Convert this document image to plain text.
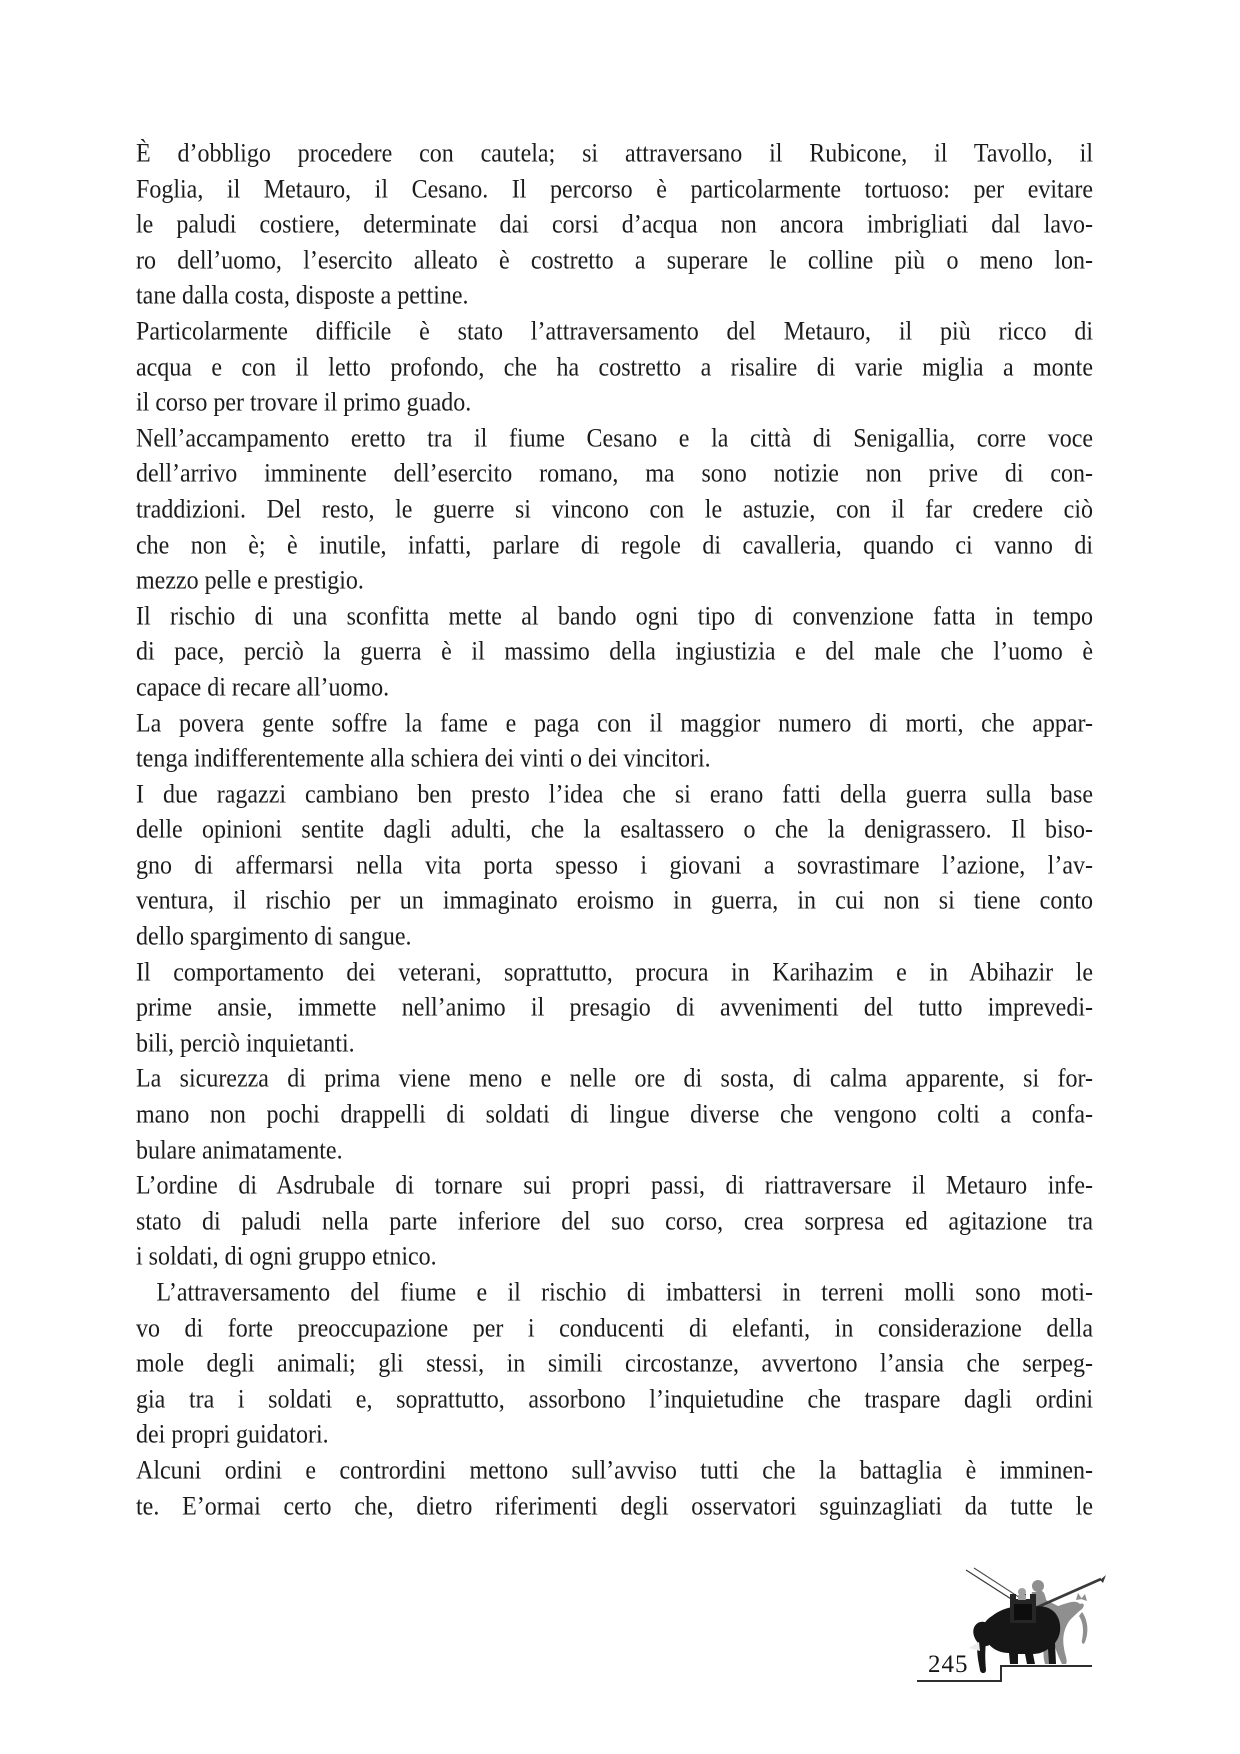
È d’obbligo procedere con cautela; si attraversano il Rubicone, il Tavollo, il
Foglia, il Metauro, il Cesano. Il percorso è particolarmente tortuoso: per evitare
le paludi costiere, determinate dai corsi d’acqua non ancora imbrigliati dal lavo-
ro dell’uomo, l’esercito alleato è costretto a superare le colline più o meno lon-
tane dalla costa, disposte a pettine.
Particolarmente difficile è stato l’attraversamento del Metauro, il più ricco di
acqua e con il letto profondo, che ha costretto a risalire di varie miglia a monte
il corso per trovare il primo guado.
Nell’accampamento eretto tra il fiume Cesano e la città di Senigallia, corre voce
dell’arrivo imminente dell’esercito romano, ma sono notizie non prive di con-
traddizioni. Del resto, le guerre si vincono con le astuzie, con il far credere ciò
che non è; è inutile, infatti, parlare di regole di cavalleria, quando ci vanno di
mezzo pelle e prestigio.
Il rischio di una sconfitta mette al bando ogni tipo di convenzione fatta in tempo
di pace, perciò la guerra è il massimo della ingiustizia e del male che l’uomo è
capace di recare all’uomo.
La povera gente soffre la fame e paga con il maggior numero di morti, che appar-
tenga indifferentemente alla schiera dei vinti o dei vincitori.
I due ragazzi cambiano ben presto l’idea che si erano fatti della guerra sulla base
delle opinioni sentite dagli adulti, che la esaltassero o che la denigrassero. Il biso-
gno di affermarsi nella vita porta spesso i giovani a sovrastimare l’azione, l’av-
ventura, il rischio per un immaginato eroismo in guerra, in cui non si tiene conto
dello spargimento di sangue.
Il comportamento dei veterani, soprattutto, procura in Karihazim e in Abihazir le
prime ansie, immette nell’animo il presagio di avvenimenti del tutto imprevedi-
bili, perciò inquietanti.
La sicurezza di prima viene meno e nelle ore di sosta, di calma apparente, si for-
mano non pochi drappelli di soldati di lingue diverse che vengono colti a confa-
bulare animatamente.
L’ordine di Asdrubale di tornare sui propri passi, di riattraversare il Metauro infe-
stato di paludi nella parte inferiore del suo corso, crea sorpresa ed agitazione tra
i soldati, di ogni gruppo etnico.
L’attraversamento del fiume e il rischio di imbattersi in terreni molli sono moti-
vo di forte preoccupazione per i conducenti di elefanti, in considerazione della
mole degli animali; gli stessi, in simili circostanze, avvertono l’ansia che serpeg-
gia tra i soldati e, soprattutto, assorbono l’inquietudine che traspare dagli ordini
dei propri guidatori.
Alcuni ordini e contrordini mettono sull’avviso tutti che la battaglia è imminen-
te. E’ormai certo che, dietro riferimenti degli osservatori sguinzagliati da tutte le
245
